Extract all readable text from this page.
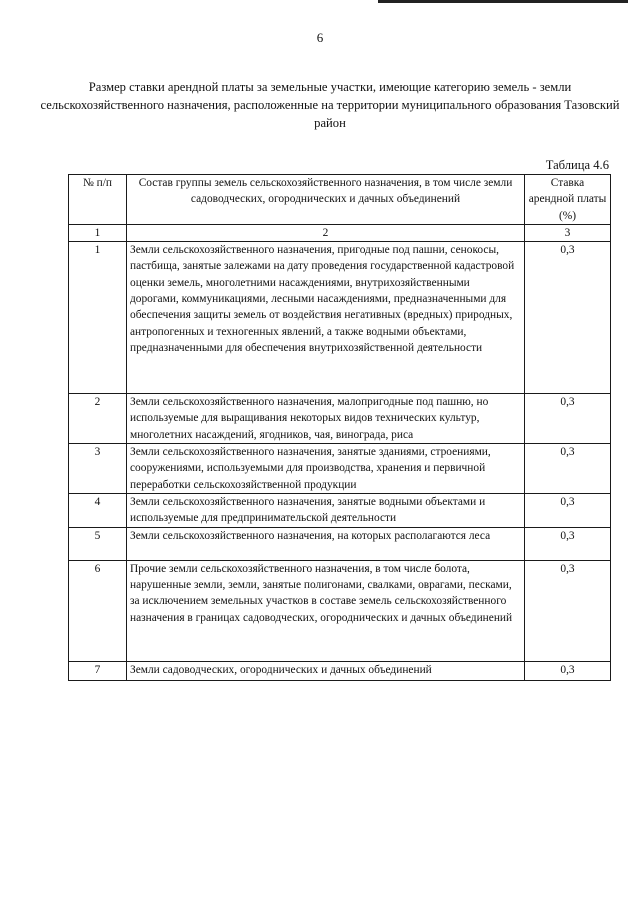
6
Размер ставки арендной платы за земельные участки, имеющие категорию земель - земли сельскохозяйственного назначения, расположенные на территории муниципального образования Тазовский район
Таблица 4.6
№ п/п	Состав группы земель сельскохозяйственного назначения, в том числе земли садоводческих, огороднических и дачных объединений	Ставка арендной платы (%)
1	2	3
1	Земли сельскохозяйственного назначения, пригодные под пашни, сенокосы, пастбища, занятые залежами на дату проведения государственной кадастровой оценки земель, многолетними насаждениями, внутрихозяйственными дорогами, коммуникациями, лесными насаждениями, предназначенными для обеспечения защиты земель от воздействия негативных (вредных) природных, антропогенных и техногенных явлений, а также водными объектами, предназначенными для обеспечения внутрихозяйственной деятельности	0,3
2	Земли сельскохозяйственного назначения, малопригодные под пашню, но используемые для выращивания некоторых видов технических культур, многолетних насаждений, ягодников, чая, винограда, риса	0,3
3	Земли сельскохозяйственного назначения, занятые зданиями, строениями, сооружениями, используемыми для производства, хранения и первичной переработки сельскохозяйственной продукции	0,3
4	Земли сельскохозяйственного назначения, занятые водными объектами и используемые для предпринимательской деятельности	0,3
5	Земли сельскохозяйственного назначения, на которых располагаются леса	0,3
6	Прочие земли сельскохозяйственного назначения, в том числе болота, нарушенные земли, земли, занятые полигонами, свалками, оврагами, песками, за исключением земельных участков в составе земель сельскохозяйственного назначения в границах садоводческих, огороднических и дачных объединений	0,3
7	Земли садоводческих, огороднических и дачных объединений	0,3
